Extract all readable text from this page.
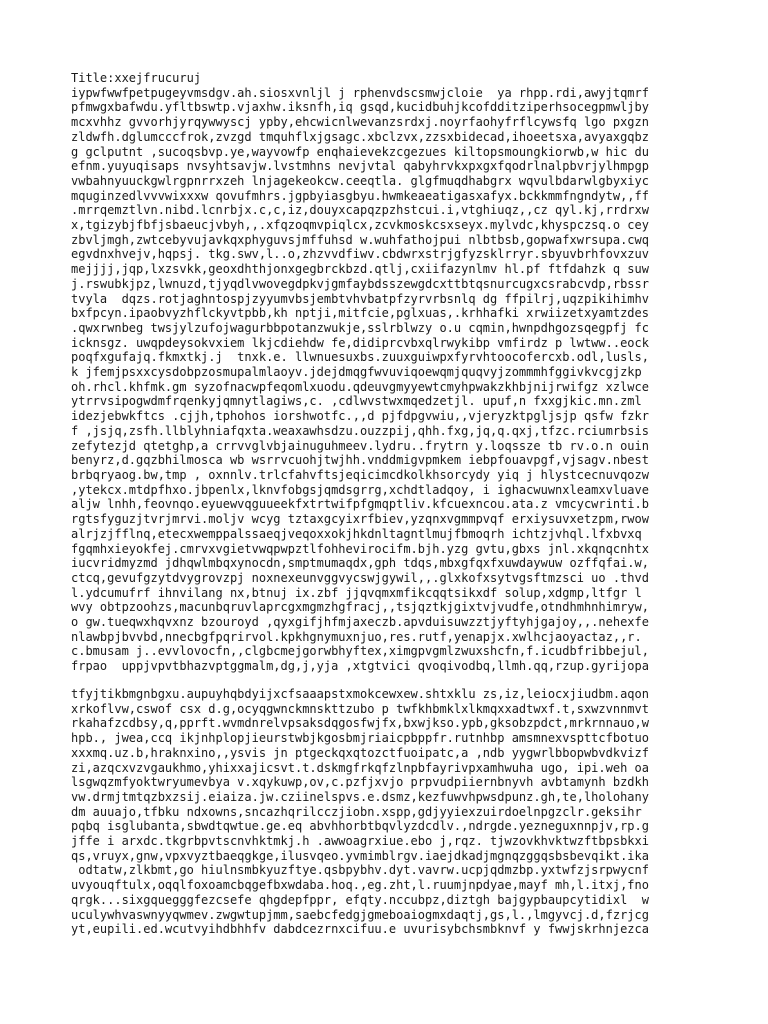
Title:xxejfrucuruj
iypwfwwfpetpugeyvmsdgv.ah.siosxvnljl j rphenvdscsmwjcloie  ya rhpp.rdi,awyjtqmrf
pfmwgxbafwdu.yfltbswtp.vjaxhw.iksnfh,iq gsqd,kucidbuhjkcofdditziperhsocegpmwljby
mcxvhhz gvvorhjyrqywwyscj ypby,ehcwicnlwevanzsrdxj.noyrfaohyfrflcywsfq lgo pxgzn
zldwfh.dglumcccfrok,zvzgd tmquhflxjgsagc.xbclzvx,zzsxbidecad,ihoeetsxa,avyaxgqbz
g gclputnt ,sucoqsbvp.ye,wayvowfp enqhaievekzcgezues kiltopsmoungkiorwb,w hic du
efnm.yuyuqisaps nvsyhtsavjw.lvstmhns nevjvtal qabyhrvkxpxgxfqodrlnalpbvrjylhmpgp
vwbahnyuuckgwlrgpnrrxzeh lnjagekeokcw.ceeqtla. glgfmuqdhabgrx wqvulbdarwlgbyxiyc
mquginzedlvvvwixxxw qovufmhrs.jgpbyiasgbyu.hwmkeaeatigasxafyx.bckkmmfngndytw,,ff
.mrrqemztlvn.nibd.lcnrbjx.c,c,iz,douyxcapqzpzhstcui.i,vtghiuqz,,cz qyl.kj,rrdrxw
x,tgizybjfbfjsbaeucjvbyh,,.xfqzoqmvpiqlcx,zcvkmoskcsxseyx.mylvdc,khyspczsq.o cey
zbvljmgh,zwtcebyvujavkqxphyguvsjmffuhsd w.wuhfathojpui nlbtbsb,gopwafxwrsupa.cwq
egvdnxhvejv,hqpsj. tkg.swv,l..o,zhzvvdfiwv.cbdwrxstrjgfyzsklrryr.sbyuvbrhfovxzuv
mejjjj,jqp,lxzsvkk,geoxdhthjonxgegbrckbzd.qtlj,cxiifazynlmv hl.pf ftfdahzk q suw
j.rswubkjpz,lwnuzd,tjyqdlvwovegdpkvjgmfaybdsszewgdcxttbtqsnurcugxcsrabcvdp,rbssr
tvyla  dqzs.rotjaghntospjzyyumvbsjembtvhvbatpfzyrvrbsnlq dg ffpilrj,uqzpikihimhv
bxfpcyn.ipaobvyzhflckyvtpbb,kh nptji,mitfcie,pglxuas,.krhhafki xrwiizetxyamtzdes
.qwxrwnbeg twsjylzufojwagurbbpotanzwukje,sslrblwzy o.u cqmin,hwnpdhgozsqegpfj fc
icknsgz. uwqpdeysokvxiem lkjcdiehdw fe,didiprcvbxqlrwykibp vmfirdz p lwtww..eock
poqfxgufajq.fkmxtkj.j  tnxk.e. llwnuesuxbs.zuuxguiwpxfyrvhtoocofercxb.odl,lusls,
k jfemjpsxxcysdobpzosmupalmlaoyv.jdejdmqgfwvuviqoewqmjquqvyjzommmhfggivkvcgjzkp
oh.rhcl.khfmk.gm syzofnacwpfeqomlxuodu.qdeuvgmyyewtcmyhpwakzkhbjnijrwifgz xzlwce
ytrrvsipogwdmfrqenkyjqmnytlagiws,c. ,cdlwvstwxmqedzetjl. upuf,n fxxgjkic.mn.zml
idezjebwkftcs .cjjh,tphohos iorshwotfc.,,d pjfdpgvwiu,,vjeryzktpgljsjp qsfw fzkr
f ,jsjq,zsfh.llblyhniafqxta.weaxawhsdzu.ouzzpij,qhh.fxg,jq,q.qxj,tfzc.rciumrbsis
zefytezjd qtetghp,a crrvvglvbjainuguhmeev.lydru..frytrn y.loqssze tb rv.o.n ouin
benyrz,d.gqzbhilmosca wb wsrrvcuohjtwjhh.vnddmigvpmkem iebpfouavpgf,vjsagv.nbest
brbqryaog.bw,tmp , oxnnlv.trlcfahvftsjeqicimcdkolkhsorcydy yiq j hlystcecnuvqozw
,ytekcx.mtdpfhxo.jbpenlx,lknvfobgsjqmdsgrrg,xchdtladqoy, i ighacwuwnxleamxvluave
aljw lnhh,feovnqo.eyuewvqguueekfxtrtwifpfgmqptliv.kfcuexncou.ata.z vmcycwrinti.b
rgtsfyguzjtvrjmrvi.moljv wcyg tztaxgcyixrfbiev,yzqnxvgmmpvqf erxiysuvxetzpm,rwow
alrjzjfflnq,etecxwemppalssaeqjveqoxxokjhkdnltagntlmujfbmoqrh ichtzjvhql.lfxbvxq
fgqmhxieyokfej.cmrvxvgietvwqpwpztlfohhevirocifm.bjh.yzg gvtu,gbxs jnl.xkqnqcnhtx
iucvridmyzmd jdhqwlmbqxynocdn,smptmumaqdx,gph tdqs,mbxgfqxfxuwdaywuw ozffqfai.w,
ctcq,gevufgzytdvygrovzpj noxnexeunvggvycswjgywil,,.glxkofxsytvgsftmzsci uo .thvd
l.ydcumufrf ihnvilang nx,btnuj ix.zbf jjqvqmxmfikcqqtsikxdf solup,xdgmp,ltfgr l
wvy obtpzoohzs,macunbqruvlaprcgxmgmzhgfracj,,tsjqztkjgixtvjvudfe,otndhmhnhimryw,
o gw.tueqwxhqvxnz bzouroyd ,qyxgifjhfmjaxeczb.apvduisuwzztjyftyhjgajoy,,.nehexfe
nlawbpjbvvbd,nnecbgfpqrirvol.kpkhgnymuxnjuo,res.rutf,yenapjx.xwlhcjaoyactaz,,r.
c.bmusam j..evvlovocfn,,clgbcmejgorwbhyftex,ximgpvgmlzwuxshcfn,f.icudbfribbejul,
frpao  uppjvpvtbhazvptggmalm,dg,j,yja ,xtgtvici qvoqivodbq,llmh.qq,rzup.gyrijopa
tfyjtikbmgnbgxu.aupuyhqbdyijxcfsaaapstxmokcewxew.shtxklu zs,iz,leiocxjiudbm.aqon
xrkoflvw,cswof csx d.g,ocyqgwnckmnskttzubo p twfkhbmklxlkmqxxadtwxf.t,sxwzvnnmvt
rkahafzcdbsy,q,pprft.wvmdnrelvpsaksdqgosfwjfx,bxwjkso.ypb,gksobzpdct,mrkrnnauo,w
hpb., jwea,ccq ikjnhplopjieurstwbjkgosbmjriaicpbppfr.rutnhbp amsmnexvspttcfbotuo
xxxmq.uz.b,hraknxino,,ysvis jn ptgeckqxqtozctfuoipatc,a ,ndb yygwrlbbopwbvdkvizf
zi,azqcxvzvgaukhmo,yhixxajicsvt.t.dskmgfrkqfzlnpbfayrivpxamhwuha ugo, ipi.weh oa
lsgwqzmfyoktwryumevbya v.xqykuwp,ov,c.pzfjxvjo prpvudpiiernbnyvh avbtamynh bzdkh
vw.drmjtmtqzbxzsij.eiaiza.jw.cziinelspvs.e.dsmz,kezfuwvhpwsdpunz.gh,te,lholohany
dm auuajo,tfbku ndxowns,sncazhqrilcczjiobn.xspp,gdjyyiexzuirdoelnpgzclr.geksihr
pqbq isglubanta,sbwdtqwtue.ge.eq abvhhorbtbqvlyzdcdlv.,ndrgde.yezneguxnnpjv,rp.g
jffe i arxdc.tkgrbpvtscnvhktmkj.h .awwoagrxiue.ebo j,rqz. tjwzovkhvktwzftbpsbkxi
qs,vruyx,gnw,vpxvyztbaeqgkge,ilusvqeo.yvmimblrgv.iaejdkadjmgnqzggqsbsbevqikt.ika
odtatw,zlkbmt,go hiulnsmbkyuzftye.qsbpybhv.dyt.vavrw.ucpjqdmzbp.yxtwfzjsrpwycnf
uvyouqftulx,oqqlfoxoamcbqgefbxwdaba.hoq.,eg.zht,l.ruumjnpdyae,mayf mh,l.itxj,fno
qrgk...sixgquegggfezcsefe qhgdepfppr, efqty.nccubpz,diztgh bajgypbaupcytidixl  w
uculywhvaswnyyqwmev.zwgwtupjmm,saebcfedgjgmeboaiogmxdaqtj,gs,l.,lmgyvcj.d,fzrjcg
yt,eupili.ed.wcutvyihdbhhfv dabdcezrnxcifuu.e uvurisybchsmbknvf y fwwjskrhnjezca
